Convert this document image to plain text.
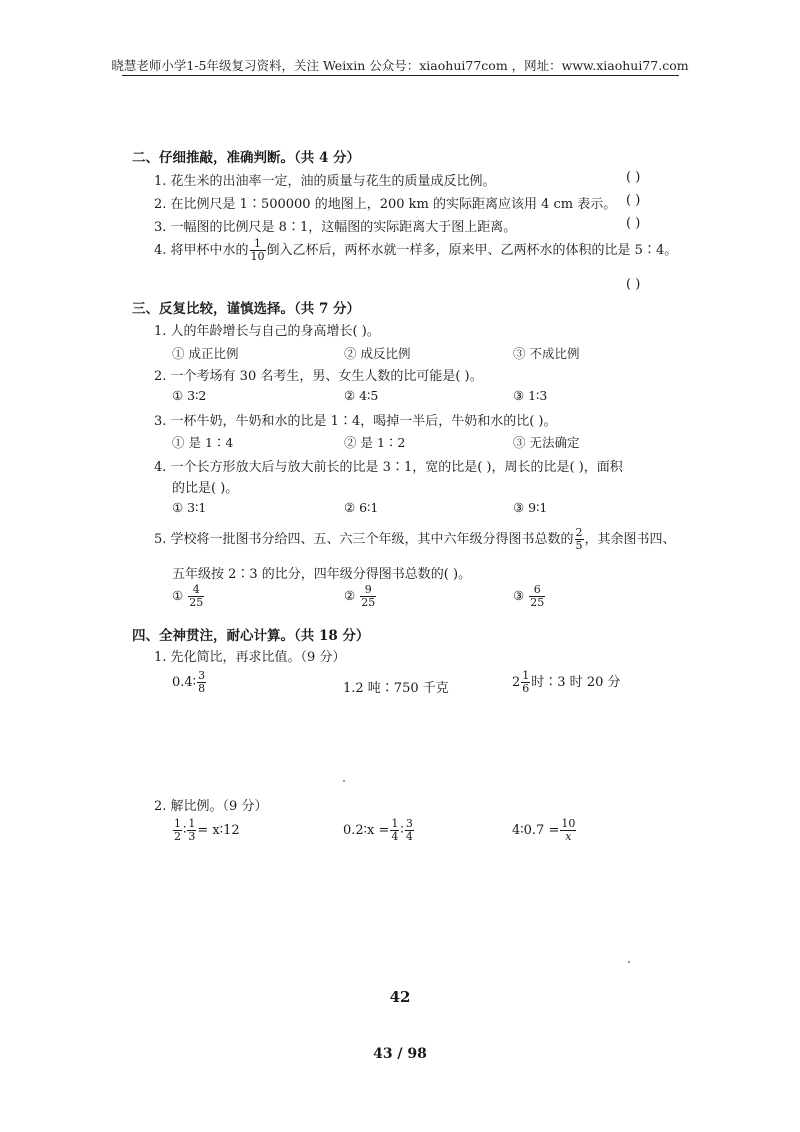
晓慧老师小学1-5年级复习资料，关注 Weixin 公众号：xiaohui77com ，网址：www.xiaohui77.com
二、仔细推敲，准确判断。（共 4 分）
1. 花生米的出油率一定，油的质量与花生的质量成反比例。	( )
2. 在比例尺是 1∶500000 的地图上，200 km 的实际距离应该用 4 cm 表示。 ( )
3. 一幅图的比例尺是 8∶1，这幅图的实际距离大于图上距离。	( )
4. 将甲杯中水的 $\frac{1}{10}$ 倒入乙杯后，两杯水就一样多，原来甲、乙两杯水的体积的比是 5∶4。
( )
三、反复比较，谨慎选择。（共 7 分）
1. 人的年龄增长与自己的身高增长( )。
① 成正比例	② 成反比例	③ 不成比例
2. 一个考场有 30 名考生，男、女生人数的比可能是( )。
① 3∶2	② 4∶5	③ 1∶3
3. 一杯牛奶，牛奶和水的比是 1∶4，喝掉一半后，牛奶和水的比( )。
① 是 1∶4	② 是 1∶2	③ 无法确定
4. 一个长方形放大后与放大前长的比是 3∶1，宽的比是( )，周长的比是( )，面积
的比是( )。
① 3∶1	② 6∶1	③ 9∶1
5. 学校将一批图书分给四、五、六三个年级，其中六年级分得图书总数的 $\frac{2}{5}$ ，其余图书四、
五年级按 2∶3 的比分，四年级分得图书总数的( )。
① $\frac{4}{25}$	② $\frac{9}{25}$	③ $\frac{6}{25}$
四、全神贯注，耐心计算。（共 18 分）
1. 先化简比，再求比值。（9 分）
0.4∶ $\frac{3}{8}$	1.2 吨∶750 千克	$2 \frac{1}{6}$ 时∶3 时 20 分
2. 解比例。（9 分）
$\frac{1}{2}$ ∶ $\frac{1}{3}$ = x∶12	0.2∶x = $\frac{1}{4}$ ∶ $\frac{3}{4}$	4∶0.7 = $\frac{10}{x}$
42
43 / 98
